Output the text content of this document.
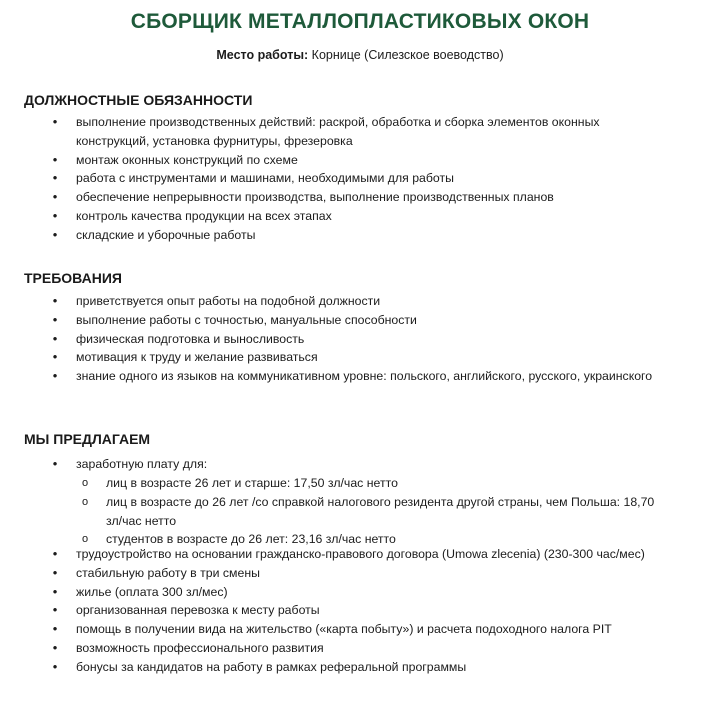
СБОРЩИК МЕТАЛЛОПЛАСТИКОВЫХ ОКОН
Место работы: Корнице (Силезское воеводство)
ДОЛЖНОСТНЫЕ ОБЯЗАННОСТИ
• выполнение производственных действий: раскрой, обработка и сборка элементов оконных конструкций, установка фурнитуры, фрезеровка
• монтаж оконных конструкций по схеме
• работа с инструментами и машинами, необходимыми для работы
• обеспечение непрерывности производства, выполнение производственных планов
• контроль качества продукции на всех этапах
• складские и уборочные работы
ТРЕБОВАНИЯ
• приветствуется опыт работы на подобной должности
• выполнение работы с точностью, мануальные способности
• физическая подготовка и выносливость
• мотивация к труду и желание развиваться
• знание одного из языков на коммуникативном уровне: польского, английского, русского, украинского
МЫ ПРЕДЛАГАЕМ
• заработную плату для:
o лиц в возрасте 26 лет и старше: 17,50 зл/час нетто
o лиц в возрасте до 26 лет /со справкой налогового резидента другой страны, чем Польша: 18,70 зл/час нетто
o студентов в возрасте до 26 лет: 23,16 зл/час нетто
• трудоустройство на основании гражданско-правового договора (Umowa zlecenia) (230-300 час/мес)
• стабильную работу в три смены
• жилье (оплата 300 зл/мес)
• организованная перевозка к месту работы
• помощь в получении вида на жительство («карта побыту») и расчета подоходного налога PIT
• возможность профессионального развития
• бонусы за кандидатов на работу в рамках реферальной программы
